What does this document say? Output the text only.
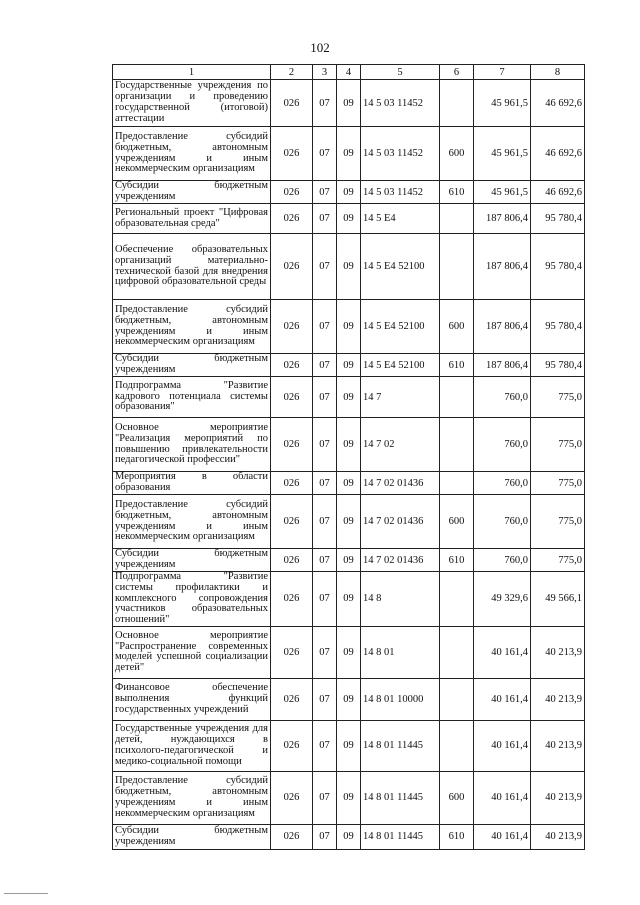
102
1	2	3	4	5	6	7	8
Государственные учреждения по организации и проведению государственной (итоговой) аттестации	026	07	09	14 5 03 11452		45 961,5	46 692,6
Предоставление субсидий бюджетным, автономным учреждениям и иным некоммерческим организациям	026	07	09	14 5 03 11452	600	45 961,5	46 692,6
Субсидии бюджетным учреждениям	026	07	09	14 5 03 11452	610	45 961,5	46 692,6
Региональный проект "Цифровая образовательная среда"	026	07	09	14 5 E4		187 806,4	95 780,4
Обеспечение образовательных организаций материально-технической базой для внедрения цифровой образовательной среды	026	07	09	14 5 E4 52100		187 806,4	95 780,4
Предоставление субсидий бюджетным, автономным учреждениям и иным некоммерческим организациям	026	07	09	14 5 E4 52100	600	187 806,4	95 780,4
Субсидии бюджетным учреждениям	026	07	09	14 5 E4 52100	610	187 806,4	95 780,4
Подпрограмма "Развитие кадрового потенциала системы образования"	026	07	09	14 7		760,0	775,0
Основное мероприятие "Реализация мероприятий по повышению привлекательности педагогической профессии"	026	07	09	14 7 02		760,0	775,0
Мероприятия в области образования	026	07	09	14 7 02 01436		760,0	775,0
Предоставление субсидий бюджетным, автономным учреждениям и иным некоммерческим организациям	026	07	09	14 7 02 01436	600	760,0	775,0
Субсидии бюджетным учреждениям	026	07	09	14 7 02 01436	610	760,0	775,0
Подпрограмма "Развитие системы профилактики и комплексного сопровождения участников образовательных отношений"	026	07	09	14 8		49 329,6	49 566,1
Основное мероприятие "Распространение современных моделей успешной социализации детей"	026	07	09	14 8 01		40 161,4	40 213,9
Финансовое обеспечение выполнения функций государственных учреждений	026	07	09	14 8 01 10000		40 161,4	40 213,9
Государственные учреждения для детей, нуждающихся в психолого-педагогической и медико-социальной помощи	026	07	09	14 8 01 11445		40 161,4	40 213,9
Предоставление субсидий бюджетным, автономным учреждениям и иным некоммерческим организациям	026	07	09	14 8 01 11445	600	40 161,4	40 213,9
Субсидии бюджетным учреждениям	026	07	09	14 8 01 11445	610	40 161,4	40 213,9
